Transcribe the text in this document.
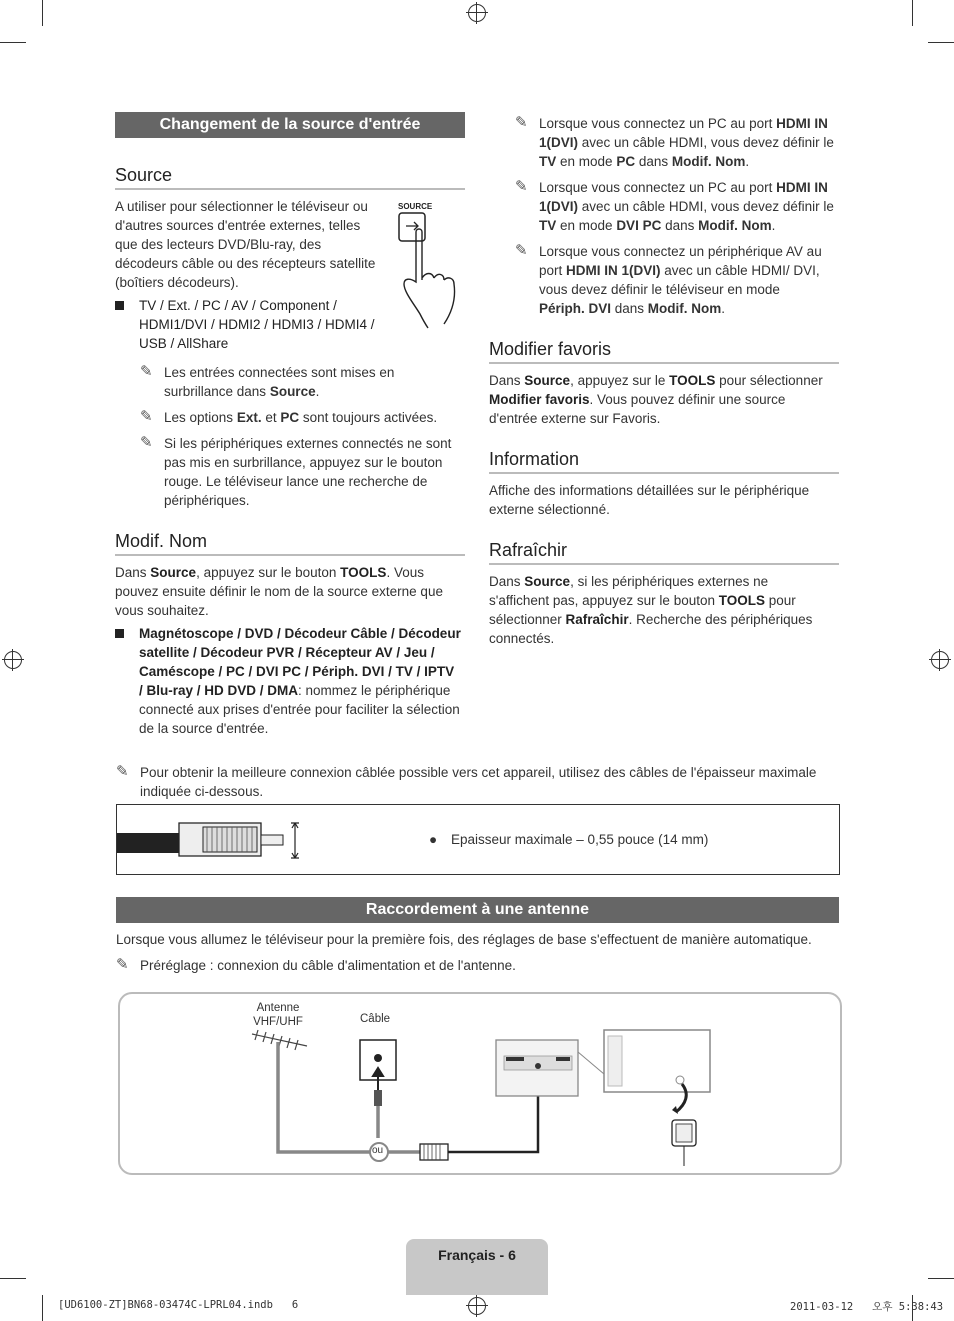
Changement de la source d'entrée
Source
A utiliser pour sélectionner le téléviseur ou d'autres sources d'entrée externes, telles que des lecteurs DVD/Blu-ray, des décodeurs câble ou des récepteurs satellite (boîtiers décodeurs).
SOURCE
TV / Ext. / PC / AV / Component /
HDMI1/DVI / HDMI2 / HDMI3 / HDMI4 /
USB / AllShare
✎ Les entrées connectées sont mises en surbrillance dans Source.
✎ Les options Ext. et PC sont toujours activées.
✎ Si les périphériques externes connectés ne sont pas mis en surbrillance, appuyez sur le bouton rouge. Le téléviseur lance une recherche de périphériques.
Modif. Nom
Dans Source, appuyez sur le bouton TOOLS. Vous pouvez ensuite définir le nom de la source externe que vous souhaitez.
Magnétoscope / DVD / Décodeur Câble / Décodeur satellite / Décodeur PVR / Récepteur AV / Jeu / Caméscope / PC / DVI PC / Périph. DVI / TV / IPTV / Blu-ray / HD DVD / DMA: nommez le périphérique connecté aux prises d'entrée pour faciliter la sélection de la source d'entrée.
✎ Lorsque vous connectez un PC au port HDMI IN 1(DVI) avec un câble HDMI, vous devez définir le TV en mode PC dans Modif. Nom.
✎ Lorsque vous connectez un PC au port HDMI IN 1(DVI) avec un câble HDMI, vous devez définir le TV en mode DVI PC dans Modif. Nom.
✎ Lorsque vous connectez un périphérique AV au port HDMI IN 1(DVI) avec un câble HDMI/ DVI, vous devez définir le téléviseur en mode Périph. DVI dans Modif. Nom.
Modifier favoris
Dans Source, appuyez sur le TOOLS pour sélectionner Modifier favoris. Vous pouvez définir une source d'entrée externe sur Favoris.
Information
Affiche des informations détaillées sur le périphérique externe sélectionné.
Rafraîchir
Dans Source, si les périphériques externes ne s'affichent pas, appuyez sur le bouton TOOLS pour sélectionner Rafraîchir. Recherche des périphériques connectés.
Pour obtenir la meilleure connexion câblée possible vers cet appareil, utilisez des câbles de l'épaisseur maximale indiquée ci-dessous.
✎
● Epaisseur maximale – 0,55 pouce (14 mm)
Raccordement à une antenne
Lorsque vous allumez le téléviseur pour la première fois, des réglages de base s'effectuent de manière automatique.
✎ Préréglage : connexion du câble d'alimentation et de l'antenne.
Antenne
VHF/UHF	Câble
ou
Français - 6
[UD6100-ZT]BN68-03474C-LPRL04.indb   6	2011-03-12   오후 5:38:43
